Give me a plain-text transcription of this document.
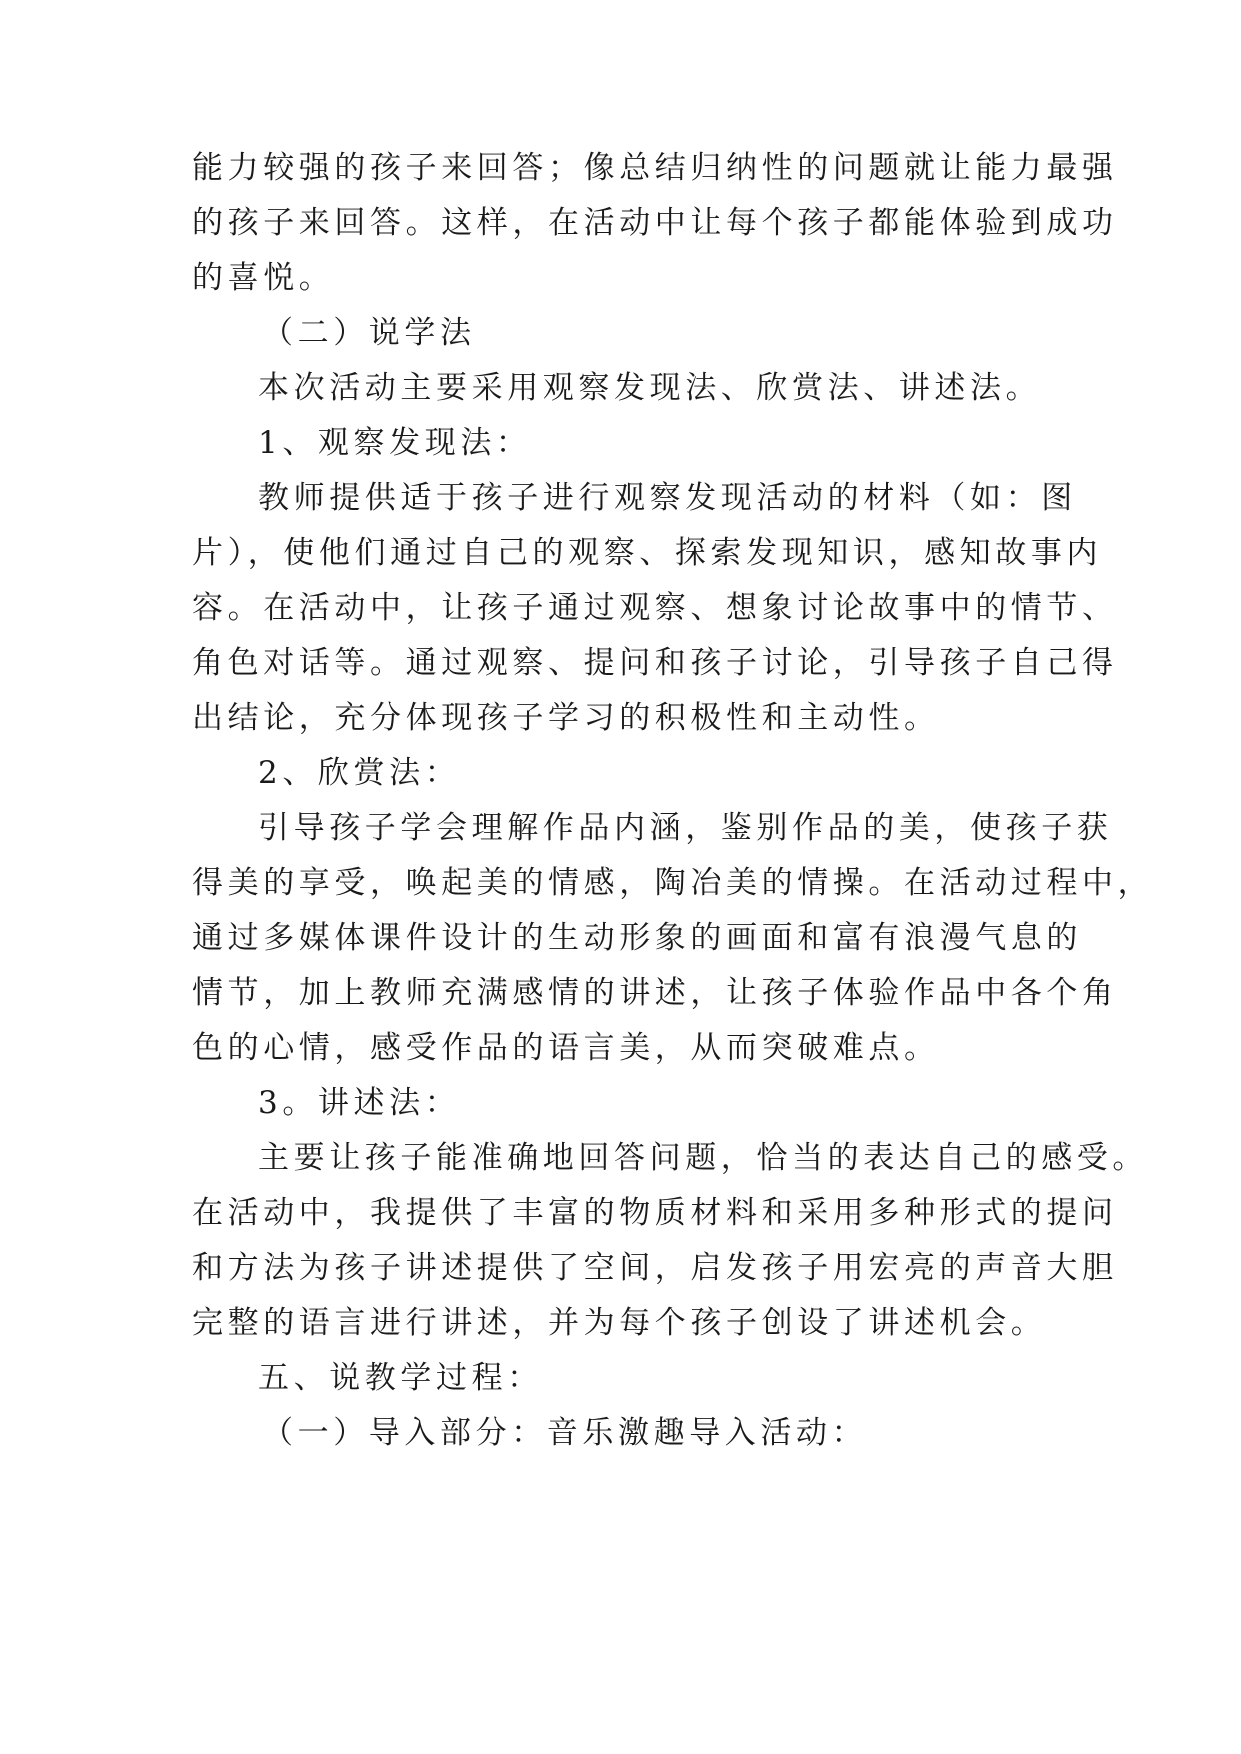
能力较强的孩子来回答；像总结归纳性的问题就让能力最强
的孩子来回答。这样，在活动中让每个孩子都能体验到成功
的喜悦。
（二）说学法
本次活动主要采用观察发现法、欣赏法、讲述法。
1、观察发现法：
教师提供适于孩子进行观察发现活动的材料（如：图
片），使他们通过自己的观察、探索发现知识，感知故事内
容。在活动中，让孩子通过观察、想象讨论故事中的情节、
角色对话等。通过观察、提问和孩子讨论，引导孩子自己得
出结论，充分体现孩子学习的积极性和主动性。
2、欣赏法：
引导孩子学会理解作品内涵，鉴别作品的美，使孩子获
得美的享受，唤起美的情感，陶冶美的情操。在活动过程中，
通过多媒体课件设计的生动形象的画面和富有浪漫气息的
情节，加上教师充满感情的讲述，让孩子体验作品中各个角
色的心情，感受作品的语言美，从而突破难点。
3。讲述法：
主要让孩子能准确地回答问题，恰当的表达自己的感受。
在活动中，我提供了丰富的物质材料和采用多种形式的提问
和方法为孩子讲述提供了空间，启发孩子用宏亮的声音大胆
完整的语言进行讲述，并为每个孩子创设了讲述机会。
五、说教学过程：
（一）导入部分：音乐激趣导入活动：
